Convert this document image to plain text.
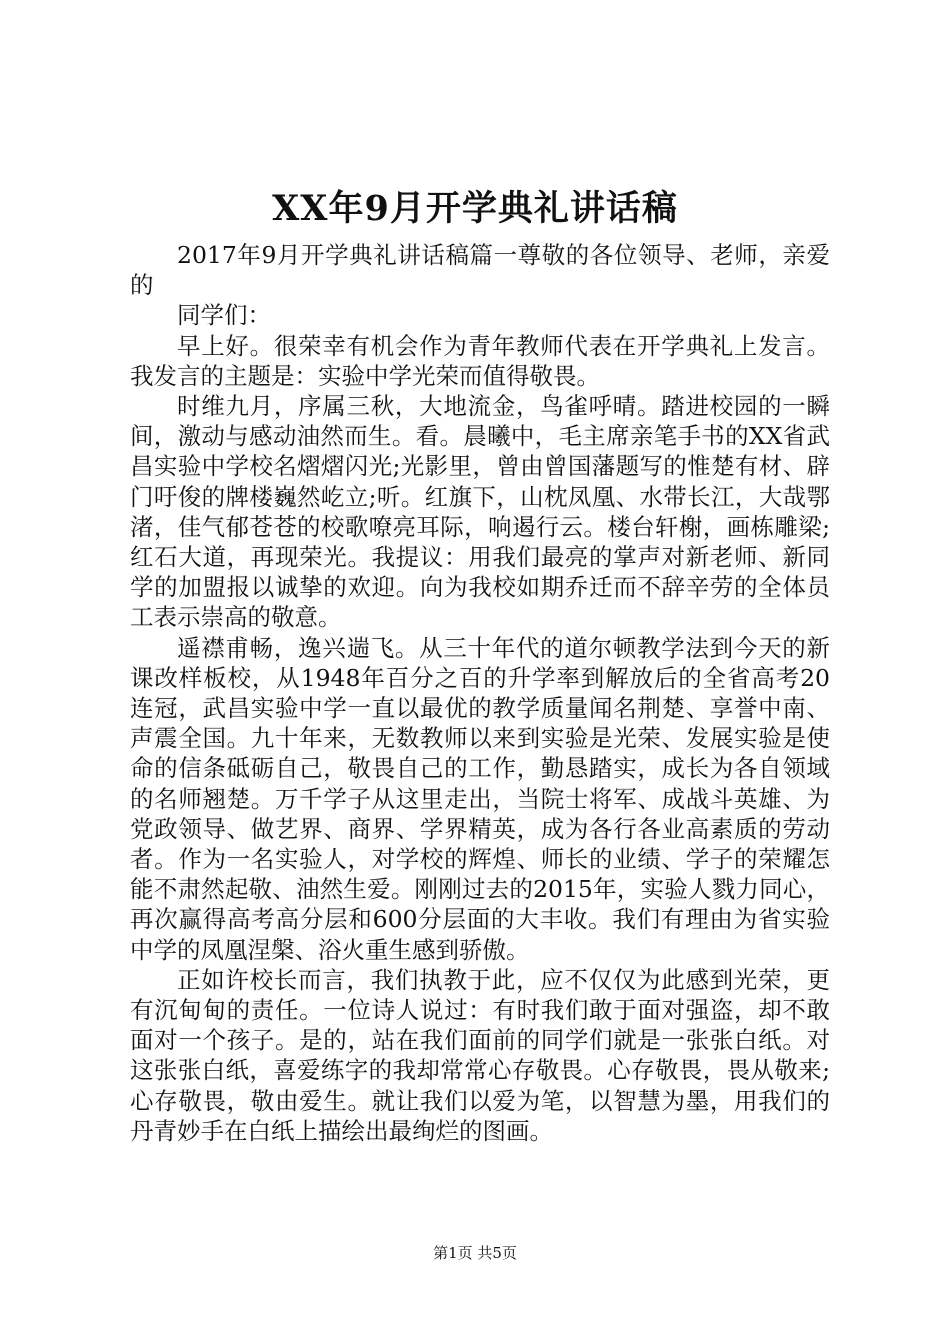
XX年9月开学典礼讲话稿

2017年9月开学典礼讲话稿篇一尊敬的各位领导、老师，亲爱的

同学们：

早上好。很荣幸有机会作为青年教师代表在开学典礼上发言。我发言的主题是：实验中学光荣而值得敬畏。

时维九月，序属三秋，大地流金，鸟雀呼晴。踏进校园的一瞬间，激动与感动油然而生。看。晨曦中，毛主席亲笔手书的XX省武昌实验中学校名熠熠闪光;光影里，曾由曾国藩题写的惟楚有材、辟门吁俊的牌楼巍然屹立;听。红旗下，山枕凤凰、水带长江，大哉鄂渚，佳气郁苍苍的校歌嘹亮耳际，响遏行云。楼台轩榭，画栋雕梁;红石大道，再现荣光。我提议：用我们最亮的掌声对新老师、新同学的加盟报以诚挚的欢迎。向为我校如期乔迁而不辞辛劳的全体员工表示崇高的敬意。

遥襟甫畅，逸兴遄飞。从三十年代的道尔顿教学法到今天的新课改样板校，从1948年百分之百的升学率到解放后的全省高考20连冠，武昌实验中学一直以最优的教学质量闻名荆楚、享誉中南、声震全国。九十年来，无数教师以来到实验是光荣、发展实验是使命的信条砥砺自己，敬畏自己的工作，勤恳踏实，成长为各自领域的名师翘楚。万千学子从这里走出，当院士将军、成战斗英雄、为党政领导、做艺界、商界、学界精英，成为各行各业高素质的劳动者。作为一名实验人，对学校的辉煌、师长的业绩、学子的荣耀怎能不肃然起敬、油然生爱。刚刚过去的2015年，实验人戮力同心，再次赢得高考高分层和600分层面的大丰收。我们有理由为省实验中学的凤凰涅槃、浴火重生感到骄傲。

正如许校长而言，我们执教于此，应不仅仅为此感到光荣，更有沉甸甸的责任。一位诗人说过：有时我们敢于面对强盗，却不敢面对一个孩子。是的，站在我们面前的同学们就是一张张白纸。对这张张白纸，喜爱练字的我却常常心存敬畏。心存敬畏，畏从敬来;心存敬畏，敬由爱生。就让我们以爱为笔，以智慧为墨，用我们的丹青妙手在白纸上描绘出最绚烂的图画。

第1页 共5页
